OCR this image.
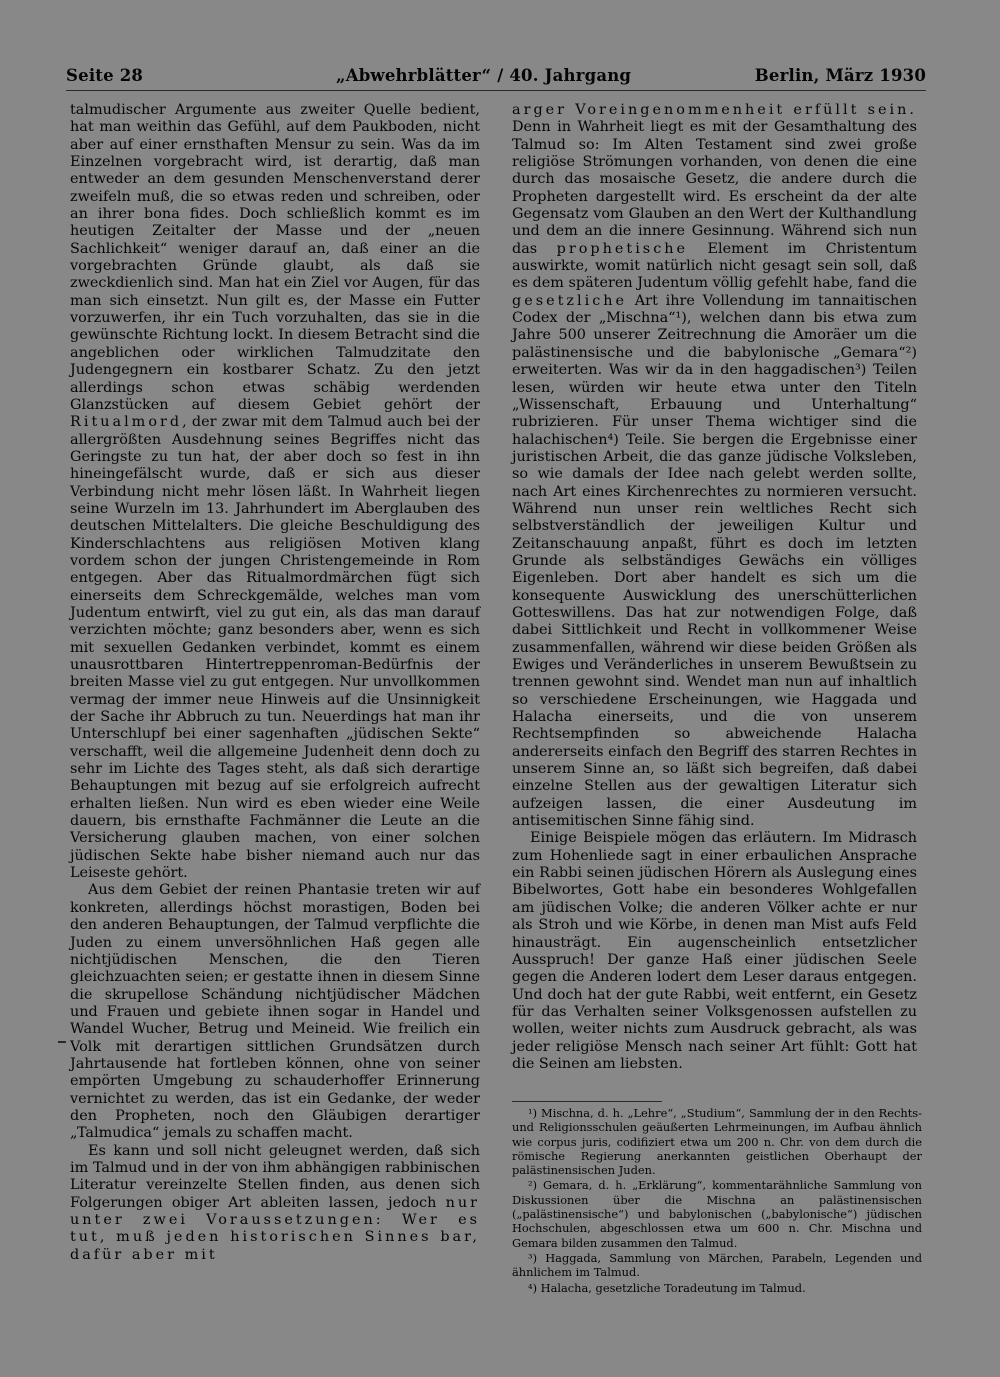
Seite 28	„Abwehrblätter“ / 40. Jahrgang	Berlin, März 1930

talmudischer Argumente aus zweiter Quelle bedient, hat man weithin das Gefühl, auf dem Paukboden, nicht aber auf einer ernsthaften Mensur zu sein. Was da im Einzelnen vorgebracht wird, ist derartig, daß man entweder an dem gesunden Menschenverstand derer zweifeln muß, die so etwas reden und schreiben, oder an ihrer bona fides. Doch schließlich kommt es im heutigen Zeitalter der Masse und der „neuen Sachlichkeit“ weniger darauf an, daß einer an die vorgebrachten Gründe glaubt, als daß sie zweckdienlich sind. Man hat ein Ziel vor Augen, für das man sich einsetzt. Nun gilt es, der Masse ein Futter vorzuwerfen, ihr ein Tuch vorzuhalten, das sie in die gewünschte Richtung lockt. In diesem Betracht sind die angeblichen oder wirklichen Talmudzitate den Judengegnern ein kostbarer Schatz. Zu den jetzt allerdings schon etwas schäbig werdenden Glanzstücken auf diesem Gebiet gehört der Ritualmord, der zwar mit dem Talmud auch bei der allergrößten Ausdehnung seines Begriffes nicht das Geringste zu tun hat, der aber doch so fest in ihn hineingefälscht wurde, daß er sich aus dieser Verbindung nicht mehr lösen läßt. In Wahrheit liegen seine Wurzeln im 13. Jahrhundert im Aberglauben des deutschen Mittelalters. Die gleiche Beschuldigung des Kinderschlachtens aus religiösen Motiven klang vordem schon der jungen Christengemeinde in Rom entgegen. Aber das Ritualmordmärchen fügt sich einerseits dem Schreckgemälde, welches man vom Judentum entwirft, viel zu gut ein, als das man darauf verzichten möchte; ganz besonders aber, wenn es sich mit sexuellen Gedanken verbindet, kommt es einem unausrottbaren Hintertreppenroman-Bedürfnis der breiten Masse viel zu gut entgegen. Nur unvollkommen vermag der immer neue Hinweis auf die Unsinnigkeit der Sache ihr Abbruch zu tun. Neuerdings hat man ihr Unterschlupf bei einer sagenhaften „jüdischen Sekte“ verschafft, weil die allgemeine Judenheit denn doch zu sehr im Lichte des Tages steht, als daß sich derartige Behauptungen mit bezug auf sie erfolgreich aufrecht erhalten ließen. Nun wird es eben wieder eine Weile dauern, bis ernsthafte Fachmänner die Leute an die Versicherung glauben machen, von einer solchen jüdischen Sekte habe bisher niemand auch nur das Leiseste gehört.

Aus dem Gebiet der reinen Phantasie treten wir auf konkreten, allerdings höchst morastigen, Boden bei den anderen Behauptungen, der Talmud verpflichte die Juden zu einem unversöhnlichen Haß gegen alle nichtjüdischen Menschen, die den Tieren gleichzuachten seien; er gestatte ihnen in diesem Sinne die skrupellose Schändung nichtjüdischer Mädchen und Frauen und gebiete ihnen sogar in Handel und Wandel Wucher, Betrug und Meineid. Wie freilich ein Volk mit derartigen sittlichen Grundsätzen durch Jahrtausende hat fortleben können, ohne von seiner empörten Umgebung zu schauderhoffer Erinnerung vernichtet zu werden, das ist ein Gedanke, der weder den Propheten, noch den Gläubigen derartiger „Talmudica“ jemals zu schaffen macht.

Es kann und soll nicht geleugnet werden, daß sich im Talmud und in der von ihm abhängigen rabbinischen Literatur vereinzelte Stellen finden, aus denen sich Folgerungen obiger Art ableiten lassen, jedoch nur unter zwei Voraussetzungen: Wer es tut, muß jeden historischen Sinnes bar, dafür aber mit

arger Voreingenommenheit erfüllt sein. Denn in Wahrheit liegt es mit der Gesamthaltung des Talmud so: Im Alten Testament sind zwei große religiöse Strömungen vorhanden, von denen die eine durch das mosaische Gesetz, die andere durch die Propheten dargestellt wird. Es erscheint da der alte Gegensatz vom Glauben an den Wert der Kulthandlung und dem an die innere Gesinnung. Während sich nun das prophetische Element im Christentum auswirkte, womit natürlich nicht gesagt sein soll, daß es dem späteren Judentum völlig gefehlt habe, fand die gesetzliche Art ihre Vollendung im tannaitischen Codex der „Mischna“¹), welchen dann bis etwa zum Jahre 500 unserer Zeitrechnung die Amoräer um die palästinensische und die babylonische „Gemara“²) erweiterten. Was wir da in den haggadischen³) Teilen lesen, würden wir heute etwa unter den Titeln „Wissenschaft, Erbauung und Unterhaltung“ rubrizieren. Für unser Thema wichtiger sind die halachischen⁴) Teile. Sie bergen die Ergebnisse einer juristischen Arbeit, die das ganze jüdische Volksleben, so wie damals der Idee nach gelebt werden sollte, nach Art eines Kirchenrechtes zu normieren versucht. Während nun unser rein weltliches Recht sich selbstverständlich der jeweiligen Kultur und Zeitanschauung anpaßt, führt es doch im letzten Grunde als selbständiges Gewächs ein völliges Eigenleben. Dort aber handelt es sich um die konsequente Auswicklung des unerschütterlichen Gotteswillens. Das hat zur notwendigen Folge, daß dabei Sittlichkeit und Recht in vollkommener Weise zusammenfallen, während wir diese beiden Größen als Ewiges und Veränderliches in unserem Bewußtsein zu trennen gewohnt sind. Wendet man nun auf inhaltlich so verschiedene Erscheinungen, wie Haggada und Halacha einerseits, und die von unserem Rechtsempfinden so abweichende Halacha andererseits einfach den Begriff des starren Rechtes in unserem Sinne an, so läßt sich begreifen, daß dabei einzelne Stellen aus der gewaltigen Literatur sich aufzeigen lassen, die einer Ausdeutung im antisemitischen Sinne fähig sind.

Einige Beispiele mögen das erläutern. Im Midrasch zum Hohenliede sagt in einer erbaulichen Ansprache ein Rabbi seinen jüdischen Hörern als Auslegung eines Bibelwortes, Gott habe ein besonderes Wohlgefallen am jüdischen Volke; die anderen Völker achte er nur als Stroh und wie Körbe, in denen man Mist aufs Feld hinausträgt. Ein augenscheinlich entsetzlicher Ausspruch! Der ganze Haß einer jüdischen Seele gegen die Anderen lodert dem Leser daraus entgegen. Und doch hat der gute Rabbi, weit entfernt, ein Gesetz für das Verhalten seiner Volksgenossen aufstellen zu wollen, weiter nichts zum Ausdruck gebracht, als was jeder religiöse Mensch nach seiner Art fühlt: Gott hat die Seinen am liebsten.

¹) Mischna, d. h. „Lehre“, „Studium“, Sammlung der in den Rechts- und Religionsschulen geäußerten Lehrmeinungen, im Aufbau ähnlich wie corpus juris, codifiziert etwa um 200 n. Chr. von dem durch die römische Regierung anerkannten geistlichen Oberhaupt der palästinensischen Juden.

²) Gemara, d. h. „Erklärung“, kommentarähnliche Sammlung von Diskussionen über die Mischna an palästinensischen („palästinensische“) und babylonischen („babylonische“) jüdischen Hochschulen, abgeschlossen etwa um 600 n. Chr. Mischna und Gemara bilden zusammen den Talmud.

³) Haggada, Sammlung von Märchen, Parabeln, Legenden und ähnlichem im Talmud.

⁴) Halacha, gesetzliche Toradeutung im Talmud.
